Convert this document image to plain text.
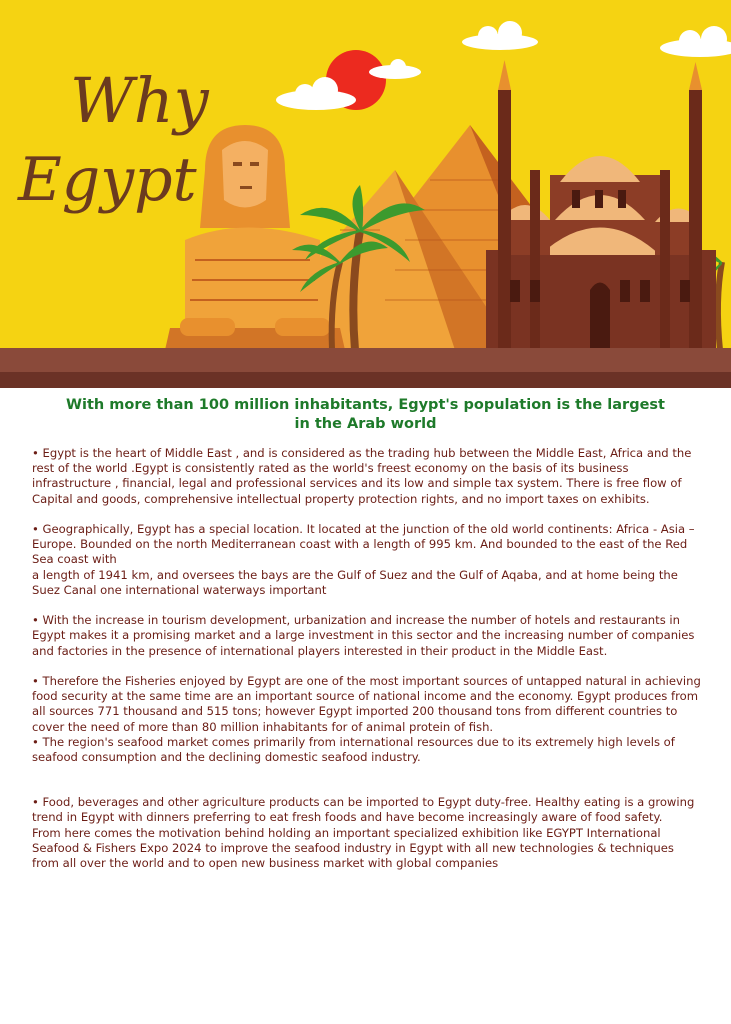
Why
Egypt
With more than 100 million inhabitants, Egypt's population is the largest
in the Arab world

• Egypt is the heart of Middle East , and is considered as the trading hub between the Middle East, Africa and the rest of the world .Egypt is consistently rated as the world's freest economy on the basis of its business infrastructure , financial, legal and professional services and its low and simple tax system. There is free flow of Capital and goods, comprehensive intellectual property protection rights, and no import taxes on exhibits.

• Geographically, Egypt has a special location. It located at the junction of the old world continents: Africa - Asia – Europe. Bounded on the north Mediterranean coast with a length of 995 km. And bounded to the east of the Red Sea coast with

a length of 1941 km, and oversees the bays are the Gulf of Suez and the Gulf of Aqaba, and at home being the Suez Canal one international waterways important

• With the increase in tourism development, urbanization and increase the number of hotels and restaurants in Egypt makes it a promising market and a large investment in this sector and the increasing number of companies and factories in the presence of international players interested in their product in the Middle East.

• Therefore the Fisheries enjoyed by Egypt are one of the most important sources of untapped natural in achieving food security at the same time are an important source of national income and the economy. Egypt produces from all sources 771 thousand and 515 tons; however Egypt imported 200 thousand tons from different countries to cover the need of more than 80 million inhabitants for of animal protein of fish.

• The region's seafood market comes primarily from international resources due to its extremely high levels of seafood consumption and the declining domestic seafood industry.

• Food, beverages and other agriculture products can be imported to Egypt duty-free. Healthy eating is a growing trend in Egypt with dinners preferring to eat fresh foods and have become increasingly aware of food safety.

From here comes the motivation behind holding an important specialized exhibition like EGYPT International Seafood & Fishers Expo 2024 to improve the seafood industry in Egypt with all new technologies & techniques from all over the world and to open new business market with global companies
